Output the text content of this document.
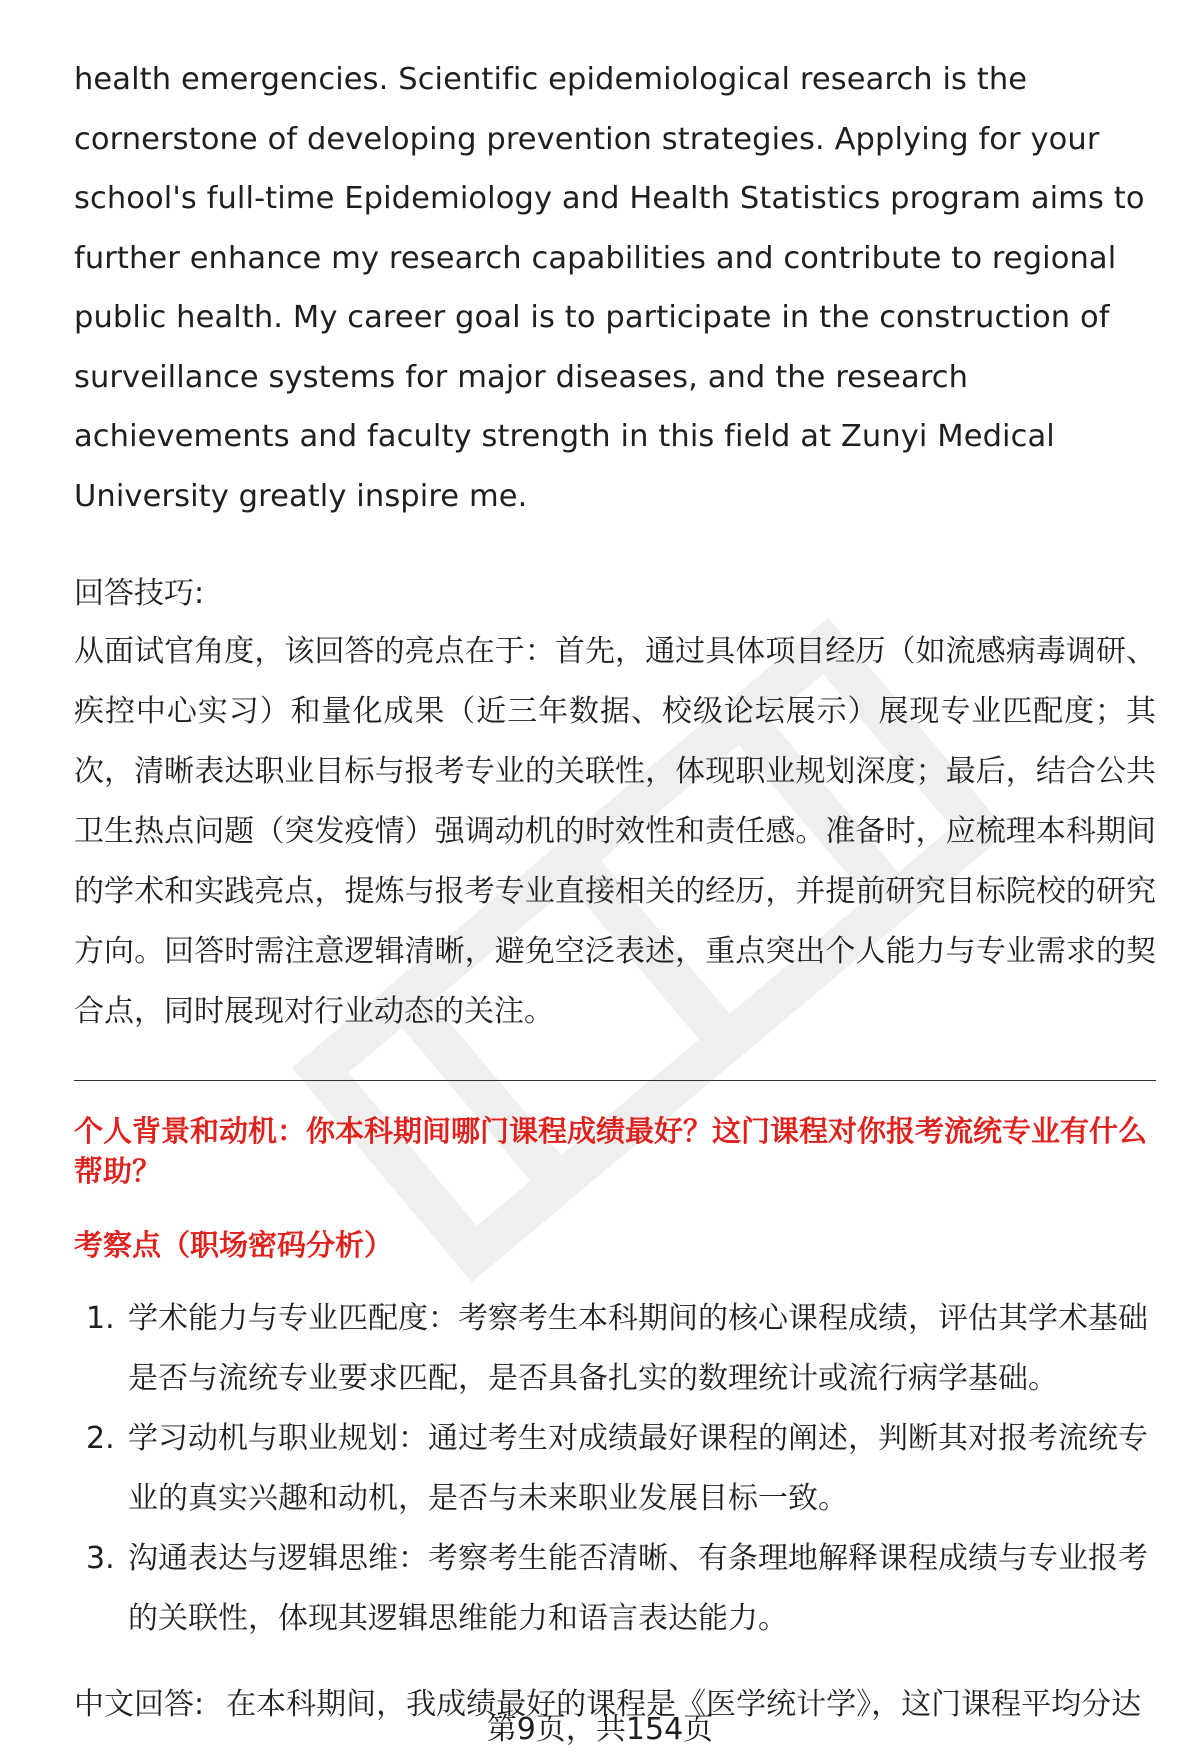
health emergencies. Scientific epidemiological research is the cornerstone of developing prevention strategies. Applying for your school's full-time Epidemiology and Health Statistics program aims to further enhance my research capabilities and contribute to regional public health. My career goal is to participate in the construction of surveillance systems for major diseases, and the research achievements and faculty strength in this field at Zunyi Medical University greatly inspire me.

回答技巧:

从面试官角度，该回答的亮点在于：首先，通过具体项目经历（如流感病毒调研、疾控中心实习）和量化成果（近三年数据、校级论坛展示）展现专业匹配度；其次，清晰表达职业目标与报考专业的关联性，体现职业规划深度；最后，结合公共卫生热点问题（突发疫情）强调动机的时效性和责任感。准备时，应梳理本科期间的学术和实践亮点，提炼与报考专业直接相关的经历，并提前研究目标院校的研究方向。回答时需注意逻辑清晰，避免空泛表述，重点突出个人能力与专业需求的契合点，同时展现对行业动态的关注。

个人背景和动机：你本科期间哪门课程成绩最好？这门课程对你报考流统专业有什么帮助？
考察点（职场密码分析）
1. 学术能力与专业匹配度：考察考生本科期间的核心课程成绩，评估其学术基础是否与流统专业要求匹配，是否具备扎实的数理统计或流行病学基础。
2. 学习动机与职业规划：通过考生对成绩最好课程的阐述，判断其对报考流统专业的真实兴趣和动机，是否与未来职业发展目标一致。
3. 沟通表达与逻辑思维：考察考生能否清晰、有条理地解释课程成绩与专业报考的关联性，体现其逻辑思维能力和语言表达能力。
中文回答: 在本科期间，我成绩最好的课程是《医学统计学》，这门课程平均分达
第9页，共154页
